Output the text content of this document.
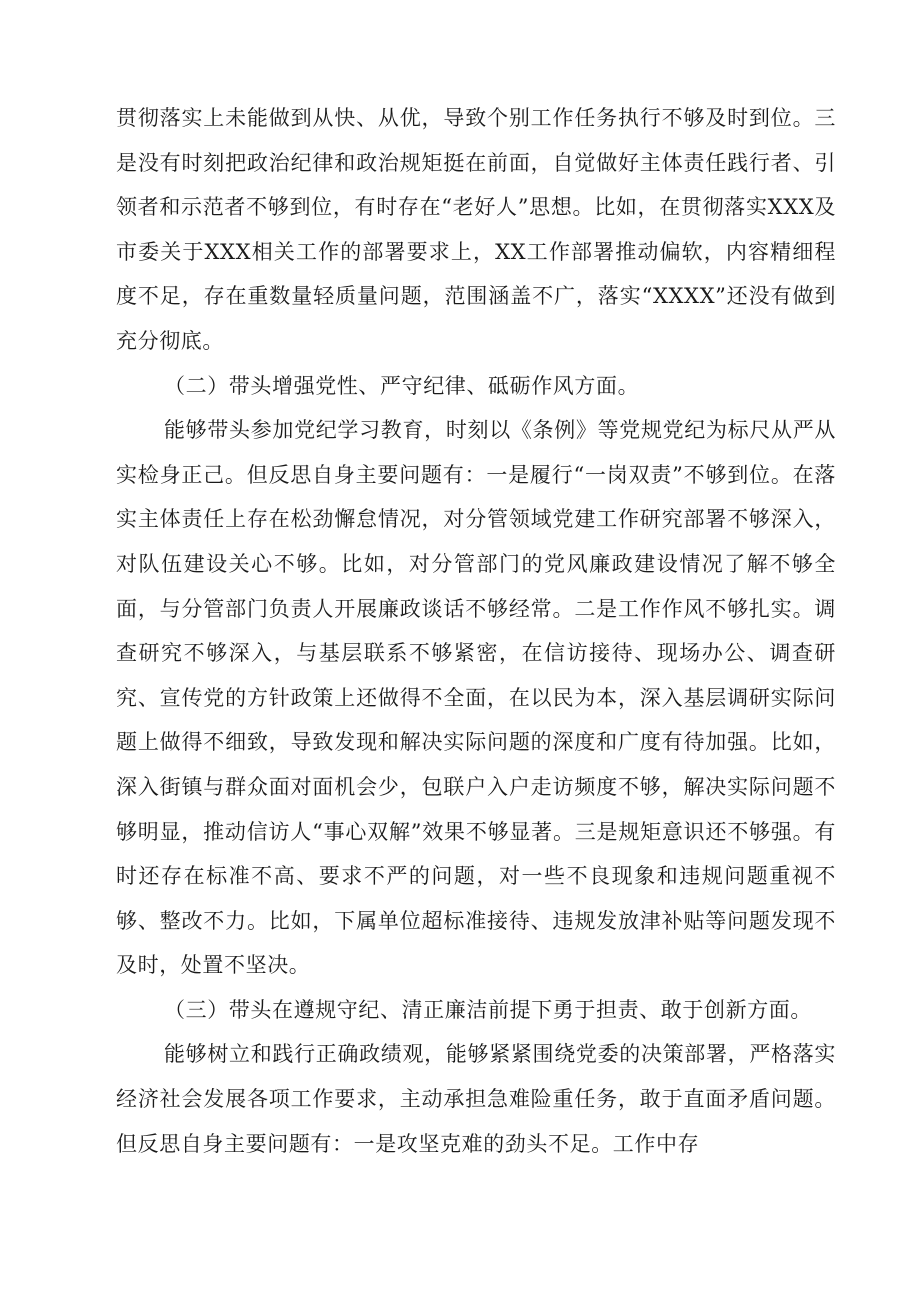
贯彻落实上未能做到从快、从优，导致个别工作任务执行不够及时到位。三是没有时刻把政治纪律和政治规矩挺在前面，自觉做好主体责任践行者、引领者和示范者不够到位，有时存在“老好人”思想。比如，在贯彻落实XXX及市委关于XXX相关工作的部署要求上，XX工作部署推动偏软，内容精细程度不足，存在重数量轻质量问题，范围涵盖不广，落实“XXXX”还没有做到充分彻底。

（二）带头增强党性、严守纪律、砥砺作风方面。

能够带头参加党纪学习教育，时刻以《条例》等党规党纪为标尺从严从实检身正己。但反思自身主要问题有：一是履行“一岗双责”不够到位。在落实主体责任上存在松劲懈怠情况，对分管领域党建工作研究部署不够深入，对队伍建设关心不够。比如，对分管部门的党风廉政建设情况了解不够全面，与分管部门负责人开展廉政谈话不够经常。二是工作作风不够扎实。调查研究不够深入，与基层联系不够紧密，在信访接待、现场办公、调查研究、宣传党的方针政策上还做得不全面，在以民为本，深入基层调研实际问题上做得不细致，导致发现和解决实际问题的深度和广度有待加强。比如，深入街镇与群众面对面机会少，包联户入户走访频度不够，解决实际问题不够明显，推动信访人“事心双解”效果不够显著。三是规矩意识还不够强。有时还存在标准不高、要求不严的问题，对一些不良现象和违规问题重视不够、整改不力。比如，下属单位超标准接待、违规发放津补贴等问题发现不及时，处置不坚决。

（三）带头在遵规守纪、清正廉洁前提下勇于担责、敢于创新方面。

能够树立和践行正确政绩观，能够紧紧围绕党委的决策部署，严格落实经济社会发展各项工作要求，主动承担急难险重任务，敢于直面矛盾问题。但反思自身主要问题有：一是攻坚克难的劲头不足。工作中存
